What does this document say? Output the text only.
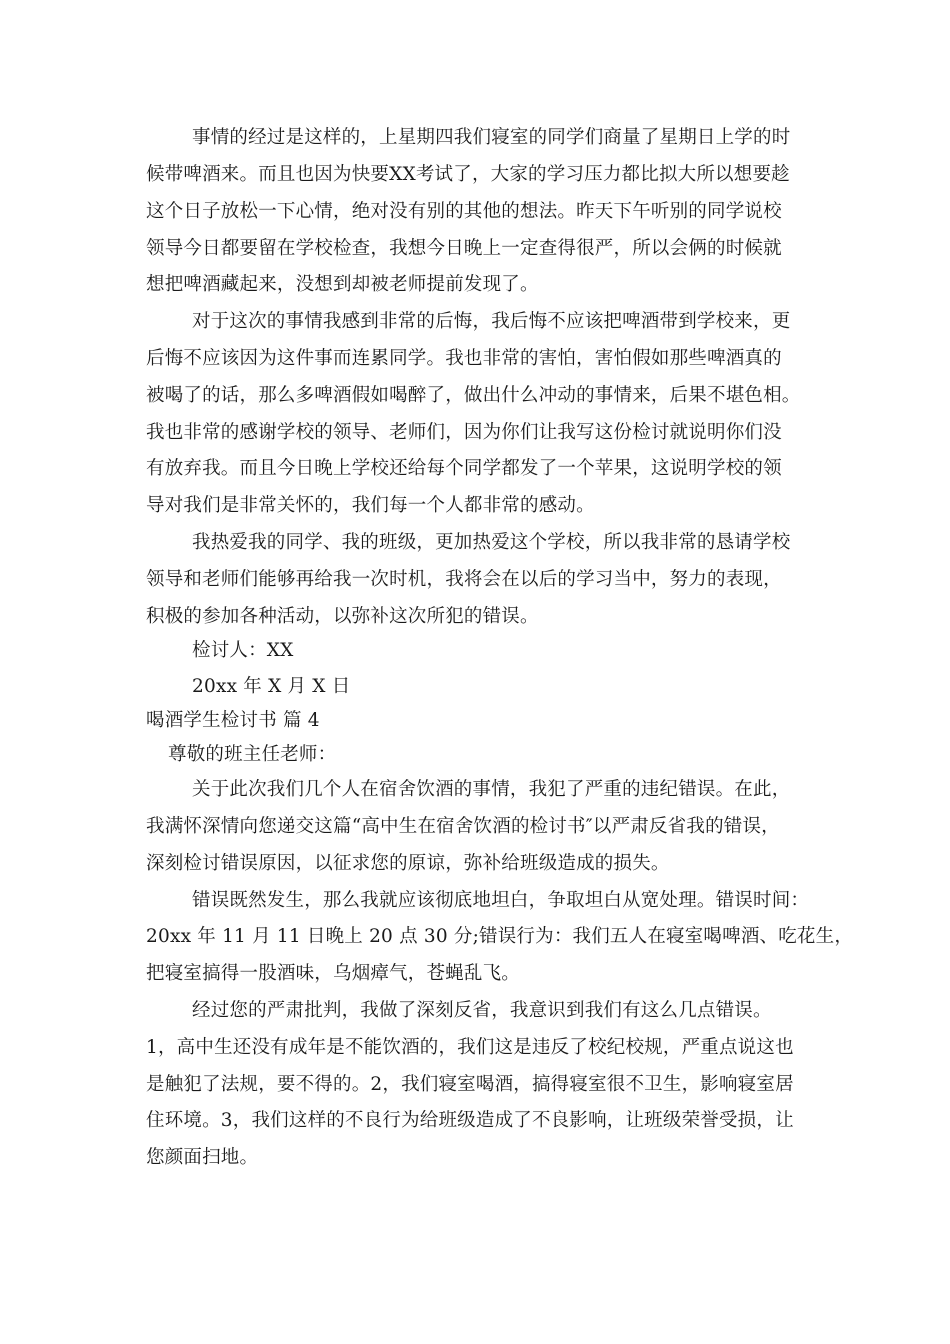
事情的经过是这样的，上星期四我们寝室的同学们商量了星期日上学的时
候带啤酒来。而且也因为快要XX考试了，大家的学习压力都比拟大所以想要趁
这个日子放松一下心情，绝对没有别的其他的想法。昨天下午听别的同学说校
领导今日都要留在学校检查，我想今日晚上一定查得很严，所以会俩的时候就
想把啤酒藏起来，没想到却被老师提前发现了。
对于这次的事情我感到非常的后悔，我后悔不应该把啤酒带到学校来，更
后悔不应该因为这件事而连累同学。我也非常的害怕，害怕假如那些啤酒真的
被喝了的话，那么多啤酒假如喝醉了，做出什么冲动的事情来，后果不堪色相。
我也非常的感谢学校的领导、老师们，因为你们让我写这份检讨就说明你们没
有放弃我。而且今日晚上学校还给每个同学都发了一个苹果，这说明学校的领
导对我们是非常关怀的，我们每一个人都非常的感动。
我热爱我的同学、我的班级，更加热爱这个学校，所以我非常的恳请学校
领导和老师们能够再给我一次时机，我将会在以后的学习当中，努力的表现，
积极的参加各种活动，以弥补这次所犯的错误。
检讨人：XX
20xx 年 X 月 X 日
喝酒学生检讨书 篇 4
尊敬的班主任老师：
关于此次我们几个人在宿舍饮酒的事情，我犯了严重的违纪错误。在此，
我满怀深情向您递交这篇“高中生在宿舍饮酒的检讨书″以严肃反省我的错误，
深刻检讨错误原因，以征求您的原谅，弥补给班级造成的损失。
错误既然发生，那么我就应该彻底地坦白，争取坦白从宽处理。错误时间：
20xx 年 11 月 11 日晚上 20 点 30 分;错误行为：我们五人在寝室喝啤酒、吃花生，
把寝室搞得一股酒味，乌烟瘴气，苍蝇乱飞。
经过您的严肃批判，我做了深刻反省，我意识到我们有这么几点错误。
1，高中生还没有成年是不能饮酒的，我们这是违反了校纪校规，严重点说这也
是触犯了法规，要不得的。2，我们寝室喝酒，搞得寝室很不卫生，影响寝室居
住环境。3，我们这样的不良行为给班级造成了不良影响，让班级荣誉受损，让
您颜面扫地。
